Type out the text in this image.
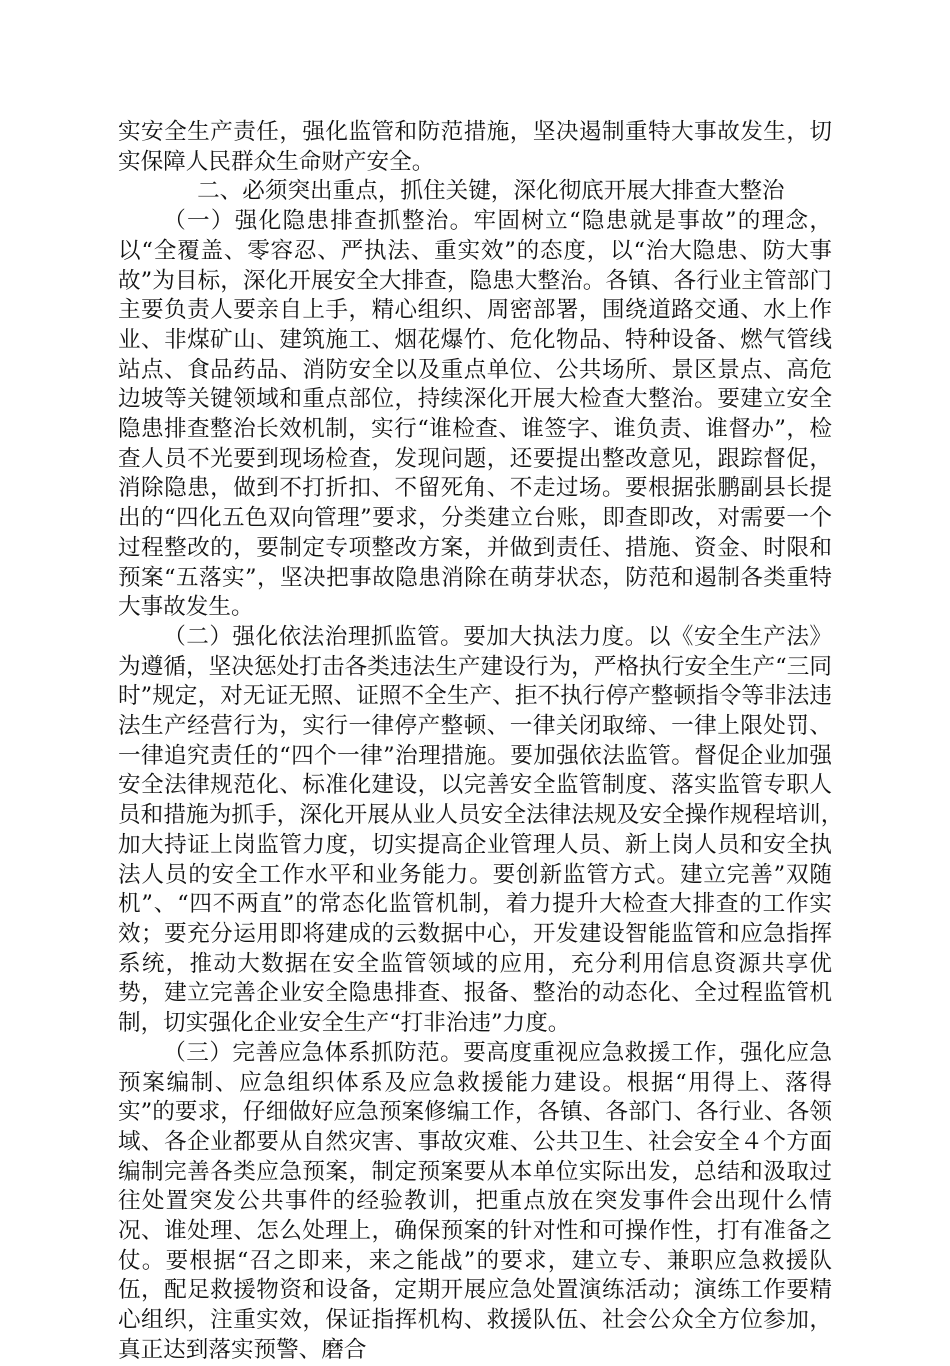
实安全生产责任，强化监管和防范措施，坚决遏制重特大事故发生，切实保障人民群众生命财产安全。

二、必须突出重点，抓住关键，深化彻底开展大排查大整治

（一）强化隐患排查抓整治。牢固树立“隐患就是事故”的理念，以“全覆盖、零容忍、严执法、重实效”的态度，以“治大隐患、防大事故”为目标，深化开展安全大排查，隐患大整治。各镇、各行业主管部门主要负责人要亲自上手，精心组织、周密部署，围绕道路交通、水上作业、非煤矿山、建筑施工、烟花爆竹、危化物品、特种设备、燃气管线站点、食品药品、消防安全以及重点单位、公共场所、景区景点、高危边坡等关键领域和重点部位，持续深化开展大检查大整治。要建立安全隐患排查整治长效机制，实行“谁检查、谁签字、谁负责、谁督办”，检查人员不光要到现场检查，发现问题，还要提出整改意见，跟踪督促，消除隐患，做到不打折扣、不留死角、不走过场。要根据张鹏副县长提出的“四化五色双向管理”要求，分类建立台账，即查即改，对需要一个过程整改的，要制定专项整改方案，并做到责任、措施、资金、时限和预案“五落实”，坚决把事故隐患消除在萌芽状态，防范和遏制各类重特大事故发生。

（二）强化依法治理抓监管。要加大执法力度。以《安全生产法》为遵循，坚决惩处打击各类违法生产建设行为，严格执行安全生产“三同时”规定，对无证无照、证照不全生产、拒不执行停产整顿指令等非法违法生产经营行为，实行一律停产整顿、一律关闭取缔、一律上限处罚、一律追究责任的“四个一律”治理措施。要加强依法监管。督促企业加强安全法律规范化、标准化建设，以完善安全监管制度、落实监管专职人员和措施为抓手，深化开展从业人员安全法律法规及安全操作规程培训，　加大持证上岗监管力度，切实提高企业管理人员、新上岗人员和安全执法人员的安全工作水平和业务能力。要创新监管方式。建立完善”双随机”、“四不两直”的常态化监管机制，着力提升大检查大排查的工作实效；要充分运用即将建成的云数据中心，开发建设智能监管和应急指挥系统，推动大数据在安全监管领域的应用，充分利用信息资源共享优势，建立完善企业安全隐患排查、报备、整治的动态化、全过程监管机制，切实强化企业安全生产“打非治违”力度。

（三）完善应急体系抓防范。要高度重视应急救援工作，强化应急预案编制、应急组织体系及应急救援能力建设。根据“用得上、落得实”的要求，仔细做好应急预案修编工作，各镇、各部门、各行业、各领域、各企业都要从自然灾害、事故灾难、公共卫生、社会安全４个方面编制完善各类应急预案，制定预案要从本单位实际出发，总结和汲取过往处置突发公共事件的经验教训，把重点放在突发事件会出现什么情况、谁处理、怎么处理上，确保预案的针对性和可操作性，打有准备之仗。要根据“召之即来，来之能战”的要求，建立专、兼职应急救援队伍，配足救援物资和设备，定期开展应急处置演练活动；演练工作要精心组织，注重实效，保证指挥机构、救援队伍、社会公众全方位参加，真正达到落实预警、磨合
